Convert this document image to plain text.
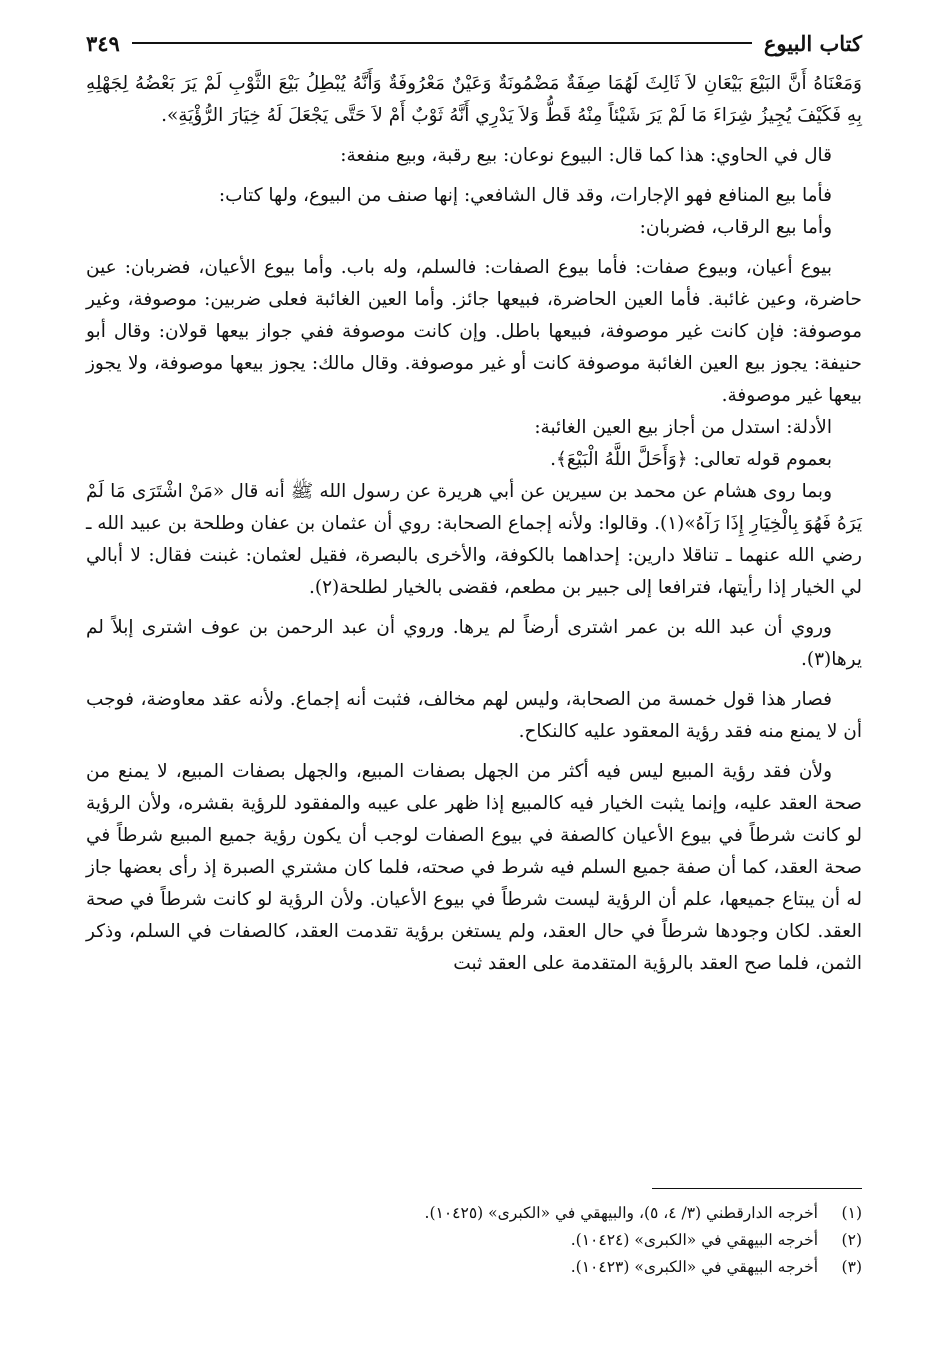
كتاب البيوع
٣٤٩

وَمَعْنَاهُ أَنَّ البَيْعَ بَيْعَانِ لاَ ثَالِثَ لَهُمَا صِفَةٌ مَضْمُونَةٌ وَعَيْنٌ مَعْرُوفَةٌ وَأَنَّهُ يُبْطِلُ بَيْعَ الثَّوْبِ لَمْ يَرَ بَعْضُهُ لِجَهْلِهِ بِهِ فَكَيْفَ يُجِيزُ شِرَاءَ مَا لَمْ يَرَ شَيْئاً مِنْهُ قَطُّ وَلاَ يَدْرِي أَنَّهُ ثَوْبٌ أَمْ لاَ حَتَّى يَجْعَلَ لَهُ خِيَارَ الرُّؤْيَةِ».

قال في الحاوي: هذا كما قال: البيوع نوعان: بيع رقبة، وبيع منفعة:

فأما بيع المنافع فهو الإجارات، وقد قال الشافعي: إنها صنف من البيوع، ولها كتاب:

وأما بيع الرقاب، فضربان:

بيوع أعيان، وبيوع صفات: فأما بيوع الصفات: فالسلم، وله باب. وأما بيوع الأعيان، فضربان: عين حاضرة، وعين غائبة. فأما العين الحاضرة، فبيعها جائز. وأما العين الغائبة فعلى ضربين: موصوفة، وغير موصوفة: فإن كانت غير موصوفة، فبيعها باطل. وإن كانت موصوفة ففي جواز بيعها قولان: وقال أبو حنيفة: يجوز بيع العين الغائبة موصوفة كانت أو غير موصوفة. وقال مالك: يجوز بيعها موصوفة، ولا يجوز بيعها غير موصوفة.

الأدلة: استدل من أجاز بيع العين الغائبة:

بعموم قوله تعالى: ﴿وَأَحَلَّ اللَّهُ الْبَيْعَ﴾.

وبما روى هشام عن محمد بن سيرين عن أبي هريرة عن رسول الله ﷺ أنه قال «مَنْ اشْتَرَى مَا لَمْ يَرَهُ فَهُوَ بِالْخِيَارِ إِذَا رَآهُ»(١). وقالوا: ولأنه إجماع الصحابة: روي أن عثمان بن عفان وطلحة بن عبيد الله ـ رضي الله عنهما ـ تناقلا دارين: إحداهما بالكوفة، والأخرى بالبصرة، فقيل لعثمان: غبنت فقال: لا أبالي لي الخيار إذا رأيتها، فترافعا إلى جبير بن مطعم، فقضى بالخيار لطلحة(٢).

وروي أن عبد الله بن عمر اشترى أرضاً لم يرها. وروي أن عبد الرحمن بن عوف اشترى إبلاً لم يرها(٣).

فصار هذا قول خمسة من الصحابة، وليس لهم مخالف، فثبت أنه إجماع. ولأنه عقد معاوضة، فوجب أن لا يمنع منه فقد رؤية المعقود عليه كالنكاح.

ولأن فقد رؤية المبيع ليس فيه أكثر من الجهل بصفات المبيع، والجهل بصفات المبيع، لا يمنع من صحة العقد عليه، وإنما يثبت الخيار فيه كالمبيع إذا ظهر على عيبه والمفقود للرؤية بقشره، ولأن الرؤية لو كانت شرطاً في بيوع الأعيان كالصفة في بيوع الصفات لوجب أن يكون رؤية جميع المبيع شرطاً في صحة العقد، كما أن صفة جميع السلم فيه شرط في صحته، فلما كان مشتري الصبرة إذ رأى بعضها جاز له أن يبتاع جميعها، علم أن الرؤية ليست شرطاً في بيوع الأعيان. ولأن الرؤية لو كانت شرطاً في صحة العقد. لكان وجودها شرطاً في حال العقد، ولم يستغن برؤية تقدمت العقد، كالصفات في السلم، وذكر الثمن، فلما صح العقد بالرؤية المتقدمة على العقد ثبت

(١)
أخرجه الدارقطني (٣/ ٤، ٥)، والبيهقي في «الكبرى» (١٠٤٢٥).
(٢)
أخرجه البيهقي في «الكبرى» (١٠٤٢٤).
(٣)
أخرجه البيهقي في «الكبرى» (١٠٤٢٣).
